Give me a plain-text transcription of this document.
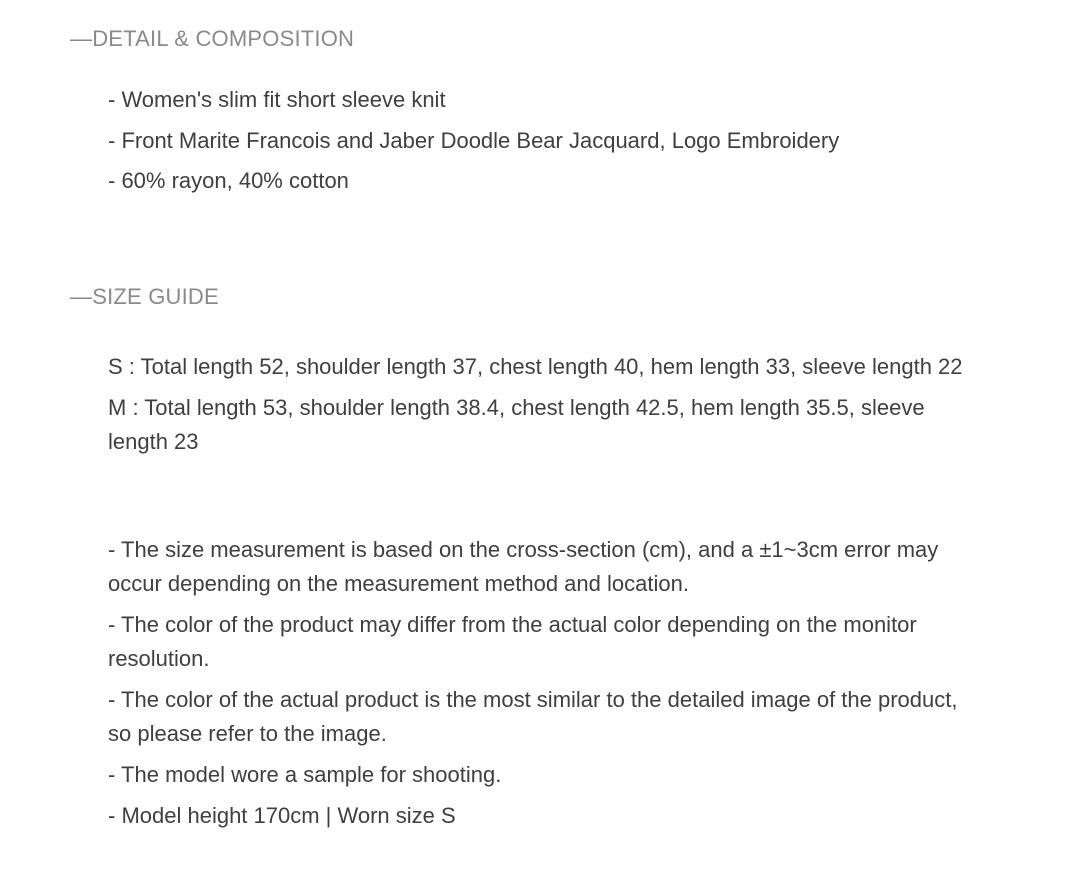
—DETAIL & COMPOSITION

- Women's slim fit short sleeve knit

- Front Marite Francois and Jaber Doodle Bear Jacquard, Logo Embroidery

- 60% rayon, 40% cotton

—SIZE GUIDE

S : Total length 52, shoulder length 37, chest length 40, hem length 33, sleeve length 22

M : Total length 53, shoulder length 38.4, chest length 42.5, hem length 35.5, sleeve length 23

- The size measurement is based on the cross-section (cm), and a ±1~3cm error may occur depending on the measurement method and location.

- The color of the product may differ from the actual color depending on the monitor resolution.

- The color of the actual product is the most similar to the detailed image of the product, so please refer to the image.

- The model wore a sample for shooting.

- Model height 170cm | Worn size S
